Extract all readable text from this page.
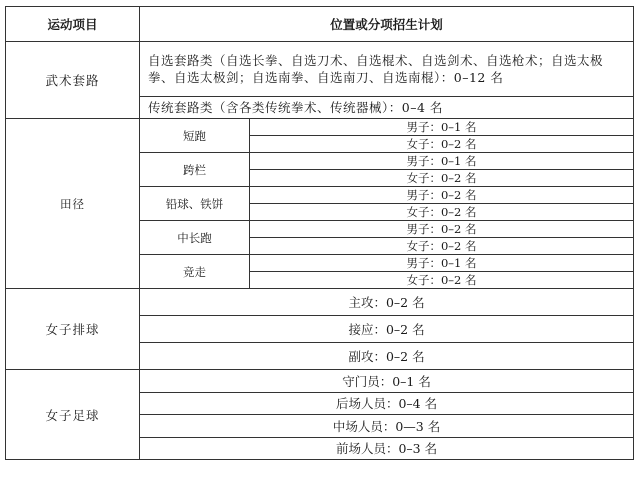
运动项目	位置或分项招生计划	
武术套路	自选套路类（自选长拳、自选刀术、自选棍术、自选剑术、自选枪术；自选太极拳、自选太极剑；自选南拳、自选南刀、自选南棍）：0–12 名	
	传统套路类（含各类传统拳术、传统器械）：0–4 名	
田径	短跑	男子：0–1 名
		女子：0–2 名
	跨栏	男子：0–1 名
		女子：0–2 名
	铅球、铁饼	男子：0–2 名
		女子：0–2 名
	中长跑	男子：0–2 名
		女子：0–2 名
	竞走	男子：0–1 名
		女子：0–2 名
女子排球	主攻：0–2 名	
	接应：0–2 名	
	副攻：0–2 名	
女子足球	守门员：0–1 名	
	后场人员：0–4 名	
	中场人员：0—3 名	
	前场人员：0–3 名	
